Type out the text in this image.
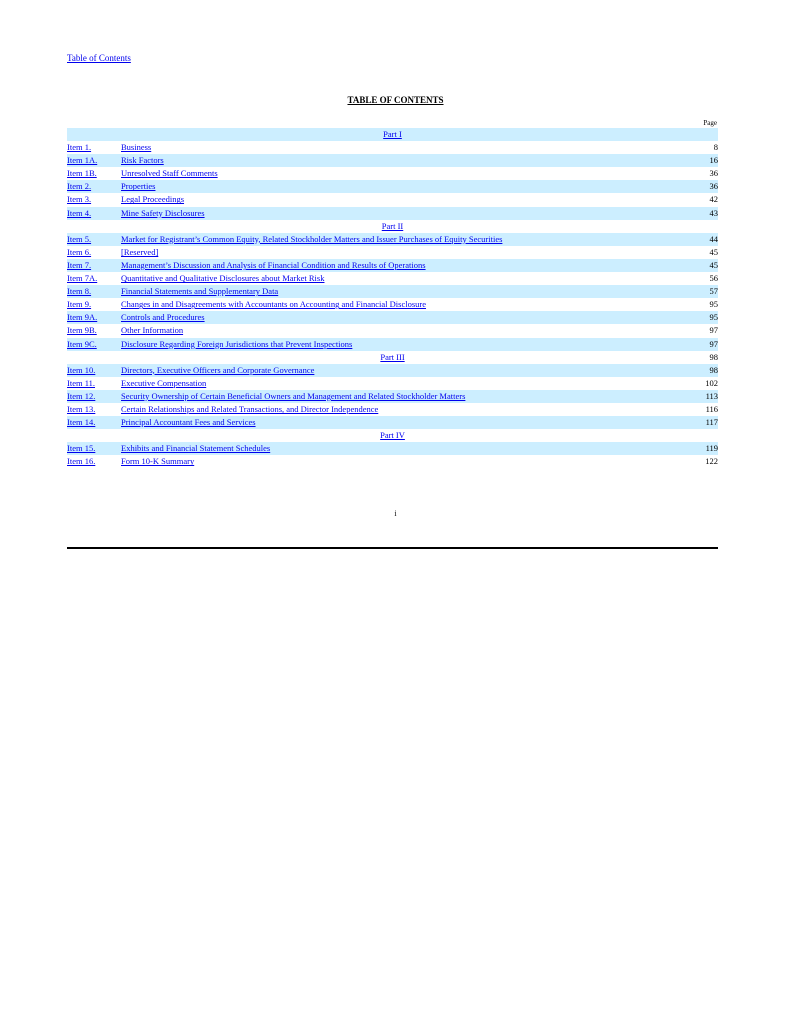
Table of Contents
TABLE OF CONTENTS
Page
Part I
Item 1.	Business	8
Item 1A.	Risk Factors	16
Item 1B.	Unresolved Staff Comments	36
Item 2.	Properties	36
Item 3.	Legal Proceedings	42
Item 4.	Mine Safety Disclosures	43
Part II
Item 5.	Market for Registrant’s Common Equity, Related Stockholder Matters and Issuer Purchases of Equity Securities	44
Item 6.	[Reserved]	45
Item 7.	Management’s Discussion and Analysis of Financial Condition and Results of Operations	45
Item 7A.	Quantitative and Qualitative Disclosures about Market Risk	56
Item 8.	Financial Statements and Supplementary Data	57
Item 9.	Changes in and Disagreements with Accountants on Accounting and Financial Disclosure	95
Item 9A.	Controls and Procedures	95
Item 9B.	Other Information	97
Item 9C.	Disclosure Regarding Foreign Jurisdictions that Prevent Inspections	97
Part III	98
Item 10.	Directors, Executive Officers and Corporate Governance	98
Item 11.	Executive Compensation	102
Item 12.	Security Ownership of Certain Beneficial Owners and Management and Related Stockholder Matters	113
Item 13.	Certain Relationships and Related Transactions, and Director Independence	116
Item 14.	Principal Accountant Fees and Services	117
Part IV
Item 15.	Exhibits and Financial Statement Schedules	119
Item 16.	Form 10-K Summary	122
i
